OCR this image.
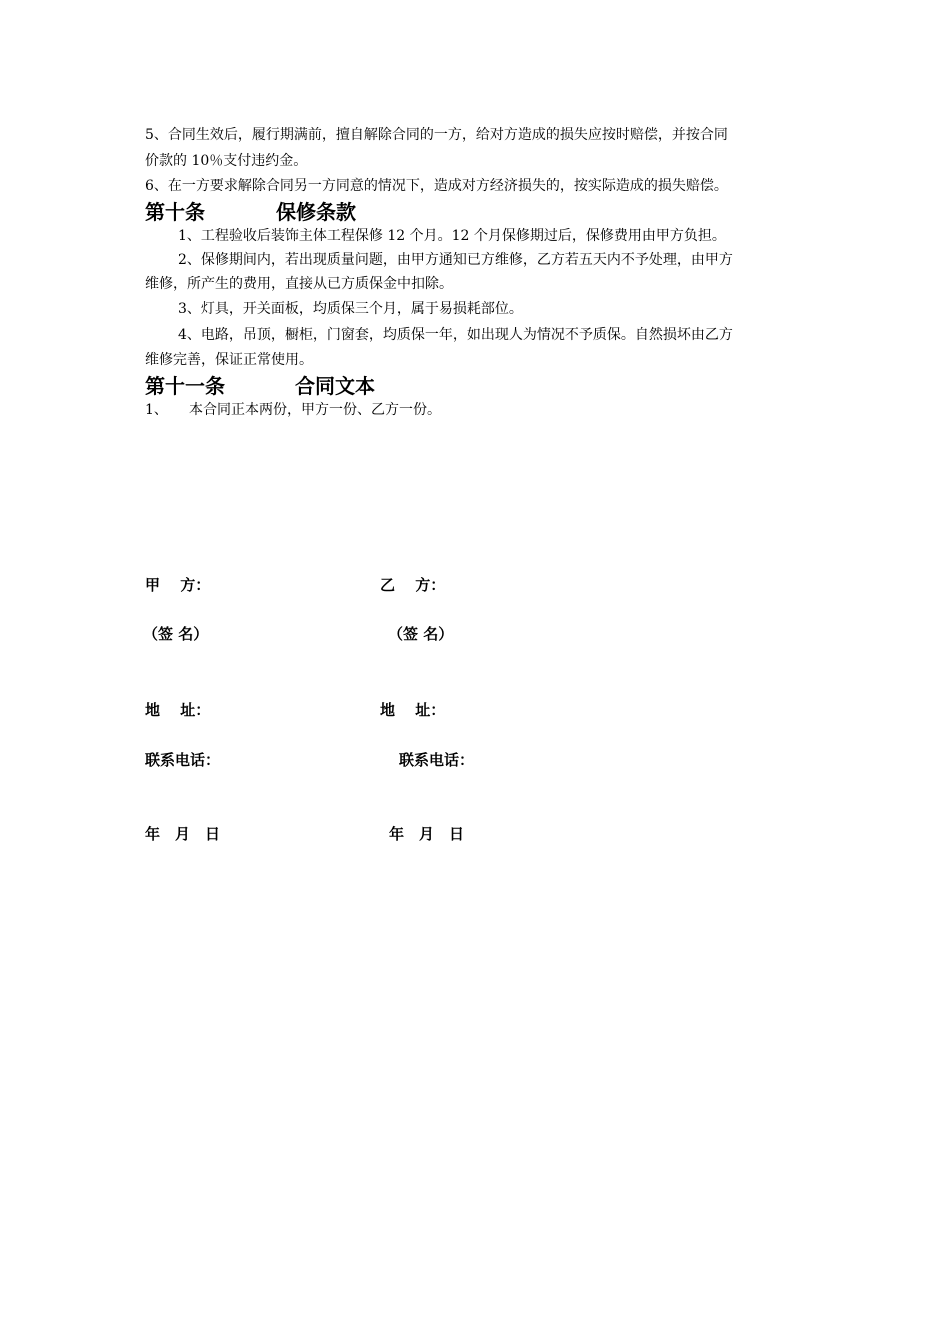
5、合同生效后，履行期满前，擅自解除合同的一方，给对方造成的损失应按时赔偿，并按合同
价款的 10％支付违约金。
6、在一方要求解除合同另一方同意的情况下，造成对方经济损失的，按实际造成的损失赔偿。
第十条	保修条款
1、工程验收后装饰主体工程保修 12 个月。12 个月保修期过后，保修费用由甲方负担。
2、保修期间内，若出现质量问题，由甲方通知已方维修，乙方若五天内不予处理，由甲方
维修，所产生的费用，直接从已方质保金中扣除。
3、灯具，开关面板，均质保三个月，属于易损耗部位。
4、电路，吊顶，橱柜，门窗套，均质保一年，如出现人为情况不予质保。自然损坏由乙方
维修完善，保证正常使用。
第十一条	合同文本
1、 本合同正本两份，甲方一份、乙方一份。
甲　 方：	乙　 方：
（签 名）	（签 名）
地　 址：	地　 址：
联系电话：	联系电话：
年　月　日	年　月　日
